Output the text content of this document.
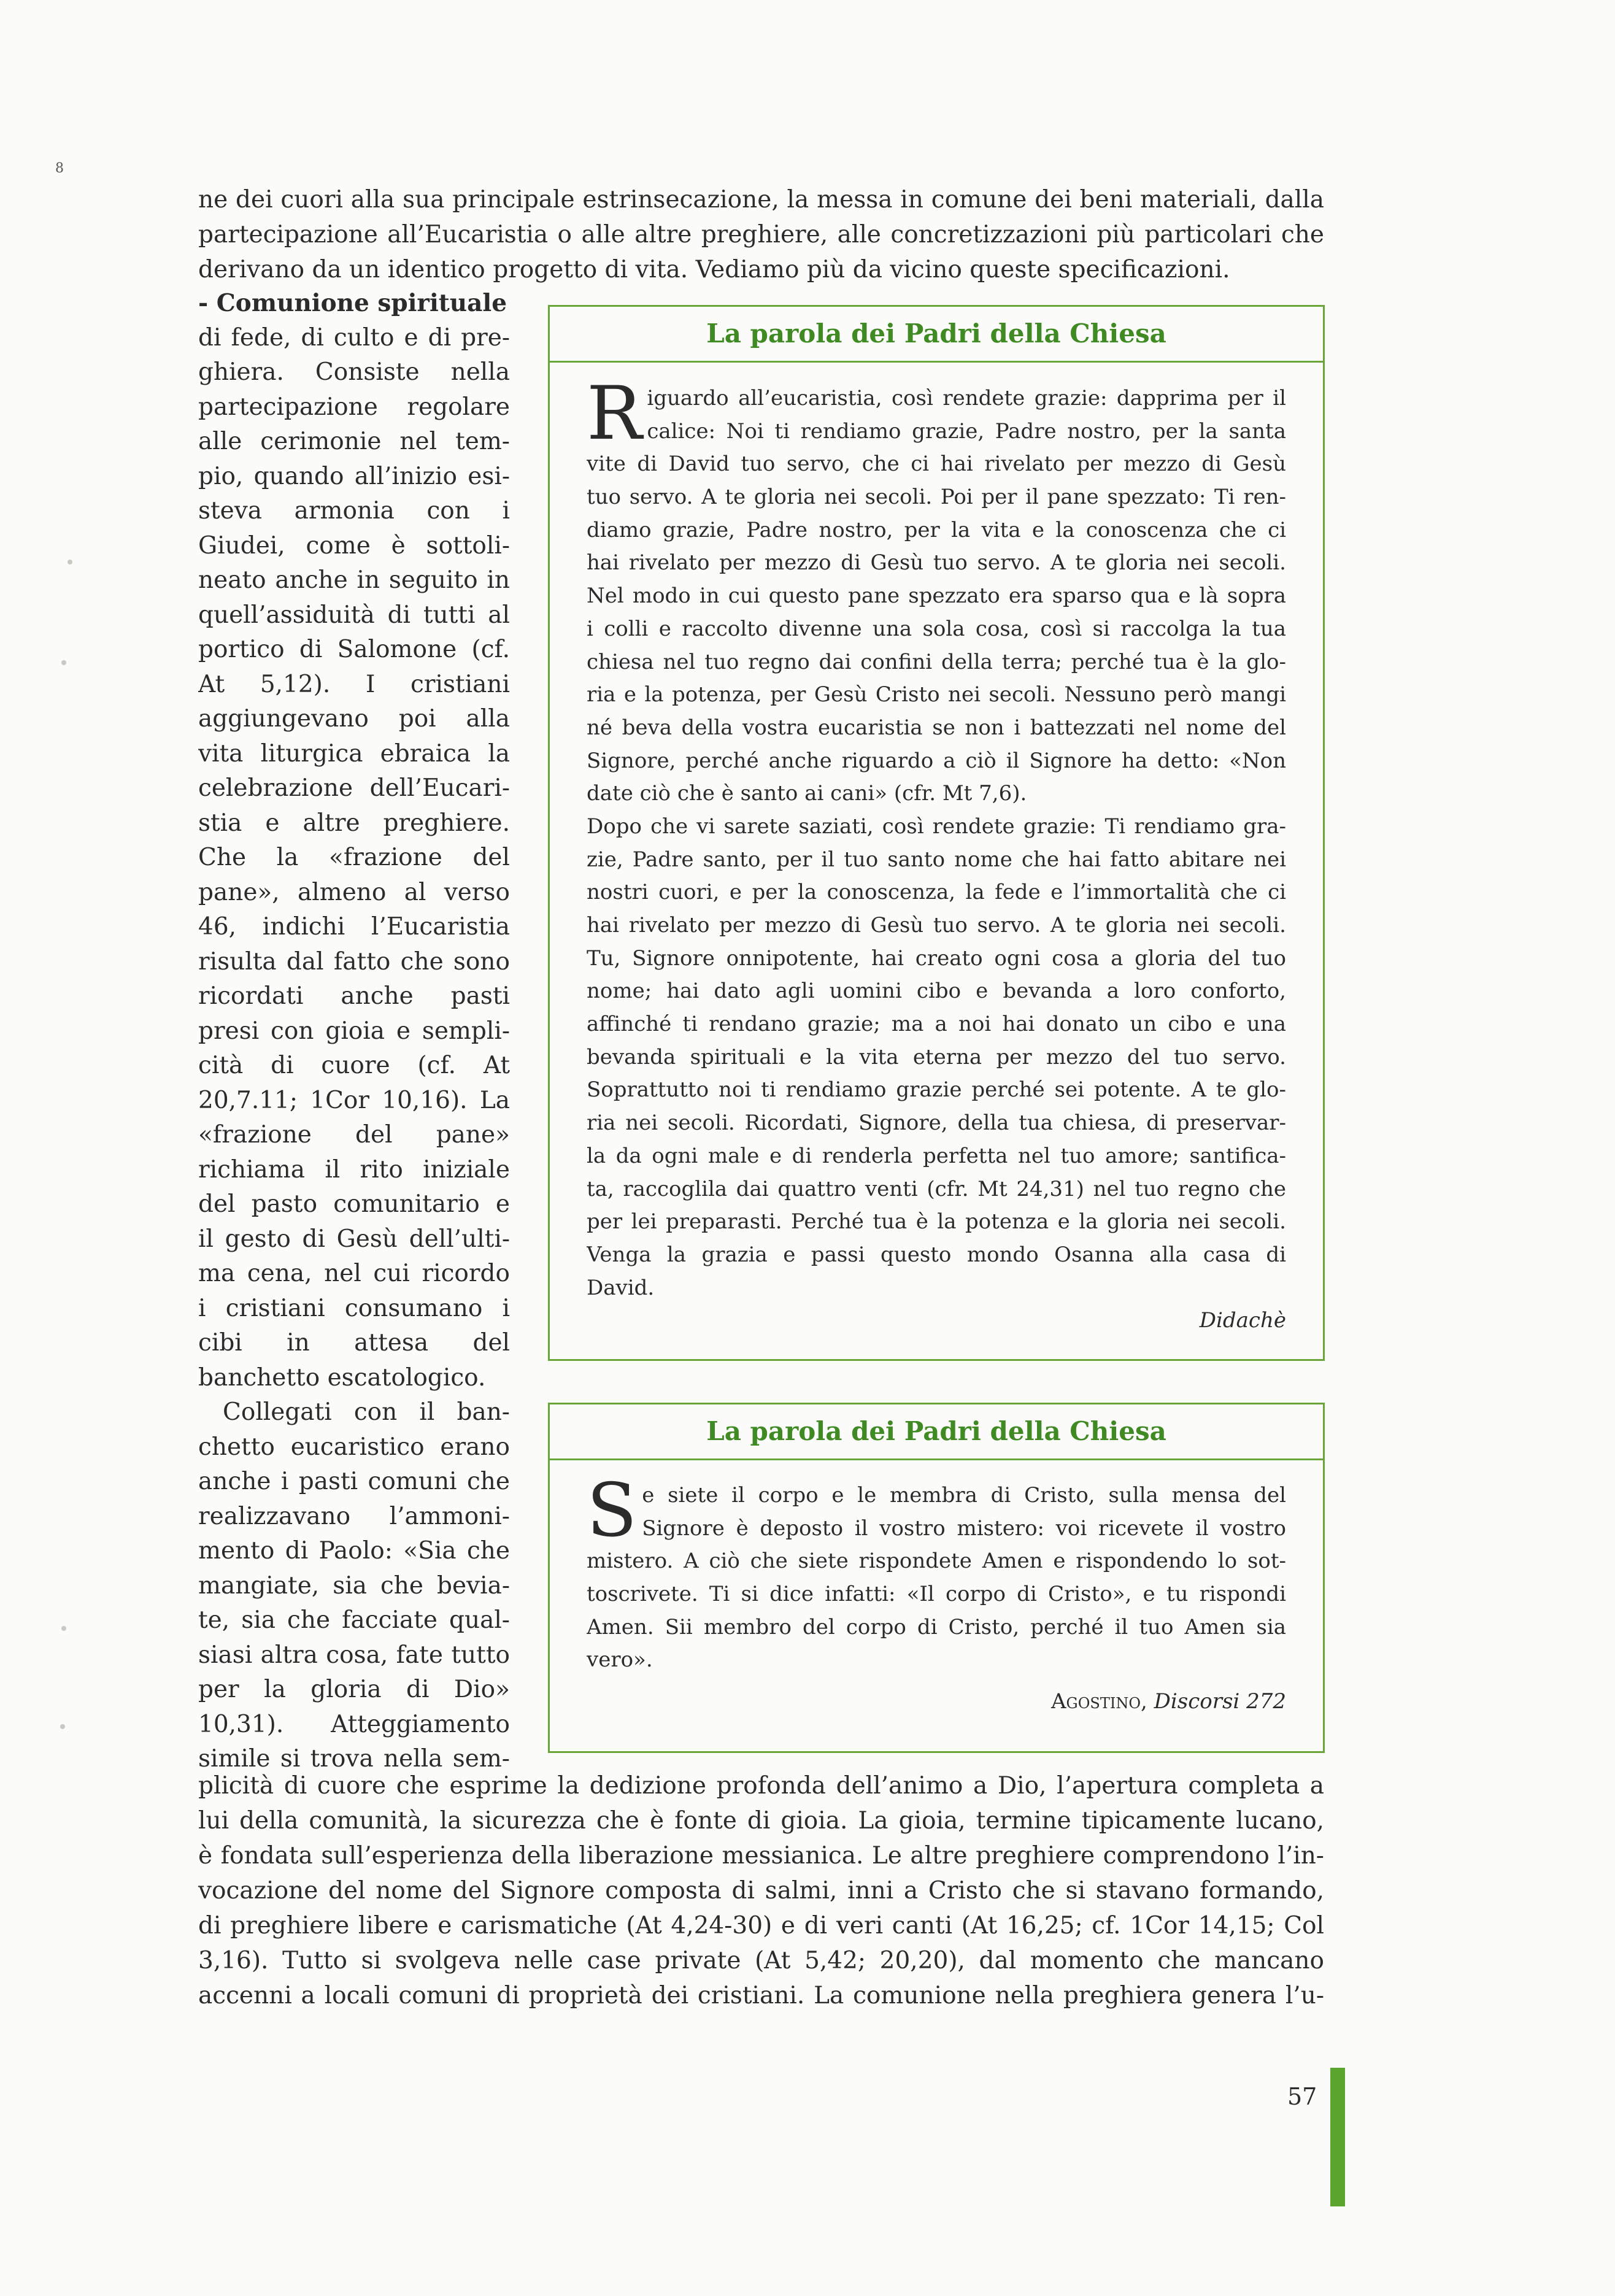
8
ne dei cuori alla sua principale estrinsecazione, la messa in comune dei beni materiali, dalla
partecipazione all’Eucaristia o alle altre preghiere, alle concretizzazioni più particolari che
derivano da un identico progetto di vita. Vediamo più da vicino queste specificazioni.
- Comunione spirituale
di fede, di culto e di pre-
ghiera. Consiste nella
partecipazione regolare
alle cerimonie nel tem-
pio, quando all’inizio esi-
steva armonia con i
Giudei, come è sottoli-
neato anche in seguito in
quell’assiduità di tutti al
portico di Salomone (cf.
At 5,12). I cristiani
aggiungevano poi alla
vita liturgica ebraica la
celebrazione dell’Eucari-
stia e altre preghiere.
Che la «frazione del
pane», almeno al verso
46, indichi l’Eucaristia
risulta dal fatto che sono
ricordati anche pasti
presi con gioia e sempli-
cità di cuore (cf. At
20,7.11; 1Cor 10,16). La
«frazione del pane»
richiama il rito iniziale
del pasto comunitario e
il gesto di Gesù dell’ulti-
ma cena, nel cui ricordo
i cristiani consumano i
cibi in attesa del
banchetto escatologico.
Collegati con il ban-
chetto eucaristico erano
anche i pasti comuni che
realizzavano l’ammoni-
mento di Paolo: «Sia che
mangiate, sia che bevia-
te, sia che facciate qual-
siasi altra cosa, fate tutto
per la gloria di Dio»
10,31). Atteggiamento
simile si trova nella sem-
La parola dei Padri della Chiesa
R iguardo all’eucaristia, così rendete grazie: dapprima per il
calice: Noi ti rendiamo grazie, Padre nostro, per la santa
vite di David tuo servo, che ci hai rivelato per mezzo di Gesù
tuo servo. A te gloria nei secoli. Poi per il pane spezzato: Ti ren-
diamo grazie, Padre nostro, per la vita e la conoscenza che ci
hai rivelato per mezzo di Gesù tuo servo. A te gloria nei secoli.
Nel modo in cui questo pane spezzato era sparso qua e là sopra
i colli e raccolto divenne una sola cosa, così si raccolga la tua
chiesa nel tuo regno dai confini della terra; perché tua è la glo-
ria e la potenza, per Gesù Cristo nei secoli. Nessuno però mangi
né beva della vostra eucaristia se non i battezzati nel nome del
Signore, perché anche riguardo a ciò il Signore ha detto: «Non
date ciò che è santo ai cani» (cfr. Mt 7,6).
Dopo che vi sarete saziati, così rendete grazie: Ti rendiamo gra-
zie, Padre santo, per il tuo santo nome che hai fatto abitare nei
nostri cuori, e per la conoscenza, la fede e l’immortalità che ci
hai rivelato per mezzo di Gesù tuo servo. A te gloria nei secoli.
Tu, Signore onnipotente, hai creato ogni cosa a gloria del tuo
nome; hai dato agli uomini cibo e bevanda a loro conforto,
affinché ti rendano grazie; ma a noi hai donato un cibo e una
bevanda spirituali e la vita eterna per mezzo del tuo servo.
Soprattutto noi ti rendiamo grazie perché sei potente. A te glo-
ria nei secoli. Ricordati, Signore, della tua chiesa, di preservar-
la da ogni male e di renderla perfetta nel tuo amore; santifica-
ta, raccoglila dai quattro venti (cfr. Mt 24,31) nel tuo regno che
per lei preparasti. Perché tua è la potenza e la gloria nei secoli.
Venga la grazia e passi questo mondo Osanna alla casa di
David.
Didachè
La parola dei Padri della Chiesa
S e siete il corpo e le membra di Cristo, sulla mensa del
Signore è deposto il vostro mistero: voi ricevete il vostro
mistero. A ciò che siete rispondete Amen e rispondendo lo sot-
toscrivete. Ti si dice infatti: «Il corpo di Cristo», e tu rispondi
Amen. Sii membro del corpo di Cristo, perché il tuo Amen sia
vero».
Agostino, Discorsi 272
plicità di cuore che esprime la dedizione profonda dell’animo a Dio, l’apertura completa a
lui della comunità, la sicurezza che è fonte di gioia. La gioia, termine tipicamente lucano,
è fondata sull’esperienza della liberazione messianica. Le altre preghiere comprendono l’in-
vocazione del nome del Signore composta di salmi, inni a Cristo che si stavano formando,
di preghiere libere e carismatiche (At 4,24-30) e di veri canti (At 16,25; cf. 1Cor 14,15; Col
3,16). Tutto si svolgeva nelle case private (At 5,42; 20,20), dal momento che mancano
accenni a locali comuni di proprietà dei cristiani. La comunione nella preghiera genera l’u-
57
